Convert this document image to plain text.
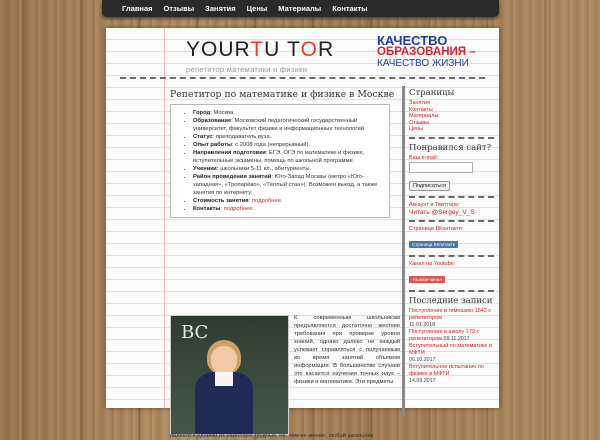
Главная Отзывы Занятия Цены Материалы Контакты
YOURTU TOR
репетитор математики и физики
КАЧЕСТВО
ОБРАЗОВАНИЯ –
КАЧЕСТВО ЖИЗНИ
Репетитор по математике и физике в Москве
• Город: Москва.
• Образование: Московский педагогический государственный университет, факультет физики и информационных технологий.
• Статус: преподаватель вуза.
• Опыт работы: с 2008 года (непрерывный).
• Направления подготовки: ЕГЭ, ОГЭ по математике и физике, вступительные экзамены, помощь по школьной программе.
• Ученики: школьники 5-11 кл., абитуриенты.
• Район проведения занятий: Юго-Запад Москвы (метро «Юго-западная», «Тропарёво», «Тёплый стан»). Возможен выезд, а также занятия по интернету.
• Стоимость занятия: подробнее.
• Контакты: подробнее.
BC
К современным школьникам предъявляются достаточно жесткие требования при проверке уровня знаний, однако далеко не каждый успевает справляться с получаемым во время занятий объемом информации. В большинстве случаев это касается изучения точных наук – физики и математики. Эти предметы
являются одними из наиболее трудных, но, тем не менее, любой школьник
Страницы
Занятия
Контакты
Материалы
Отзывы
Цены
Понравился сайт?
Ваш e-mail:
Подписаться
Аккаунт в Твиттере:
Читать @Sergey_V_S
Страница ВКонтакте:
Страница ВКонтакте
Канал на Youtube:
Youtube-канал
Последние записи
Поступление в гимназию 1543 с репетитором
11.01.2018
Поступление в школу 179 с репетитором 09.11.2017
Вступительный по математике в МФТИ
06.10.2017
Вступительное испытание по физике в МФТИ
14.09.2017
